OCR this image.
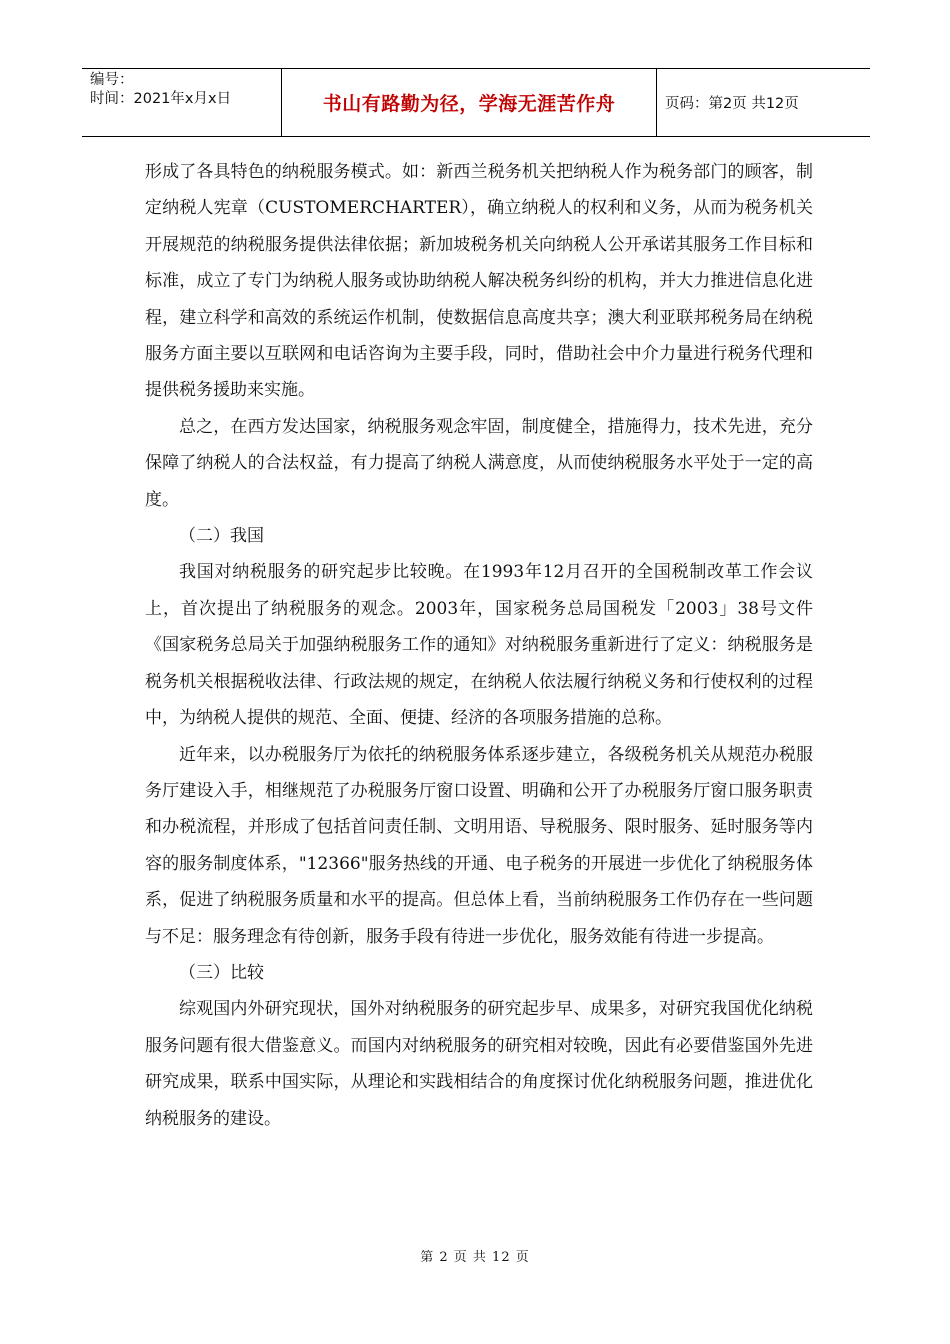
编号：
时间：2021年x月x日	书山有路勤为径，学海无涯苦作舟	页码：第2页 共12页

形成了各具特色的纳税服务模式。如：新西兰税务机关把纳税人作为税务部门的顾客，制定纳税人宪章（CUSTOMERCHARTER），确立纳税人的权利和义务，从而为税务机关开展规范的纳税服务提供法律依据；新加坡税务机关向纳税人公开承诺其服务工作目标和标准，成立了专门为纳税人服务或协助纳税人解决税务纠纷的机构，并大力推进信息化进程，建立科学和高效的系统运作机制，使数据信息高度共享；澳大利亚联邦税务局在纳税服务方面主要以互联网和电话咨询为主要手段，同时，借助社会中介力量进行税务代理和提供税务援助来实施。

总之，在西方发达国家，纳税服务观念牢固，制度健全，措施得力，技术先进，充分保障了纳税人的合法权益，有力提高了纳税人满意度，从而使纳税服务水平处于一定的高度。

（二）我国

我国对纳税服务的研究起步比较晚。在1993年12月召开的全国税制改革工作会议上，首次提出了纳税服务的观念。2003年，国家税务总局国税发「2003」38号文件《国家税务总局关于加强纳税服务工作的通知》对纳税服务重新进行了定义：纳税服务是税务机关根据税收法律、行政法规的规定，在纳税人依法履行纳税义务和行使权利的过程中，为纳税人提供的规范、全面、便捷、经济的各项服务措施的总称。

近年来，以办税服务厅为依托的纳税服务体系逐步建立，各级税务机关从规范办税服务厅建设入手，相继规范了办税服务厅窗口设置、明确和公开了办税服务厅窗口服务职责和办税流程，并形成了包括首问责任制、文明用语、导税服务、限时服务、延时服务等内容的服务制度体系，"12366"服务热线的开通、电子税务的开展进一步优化了纳税服务体系，促进了纳税服务质量和水平的提高。但总体上看，当前纳税服务工作仍存在一些问题与不足：服务理念有待创新，服务手段有待进一步优化，服务效能有待进一步提高。

（三）比较

综观国内外研究现状，国外对纳税服务的研究起步早、成果多，对研究我国优化纳税服务问题有很大借鉴意义。而国内对纳税服务的研究相对较晚，因此有必要借鉴国外先进研究成果，联系中国实际，从理论和实践相结合的角度探讨优化纳税服务问题，推进优化纳税服务的建设。

第 2 页 共 12 页
